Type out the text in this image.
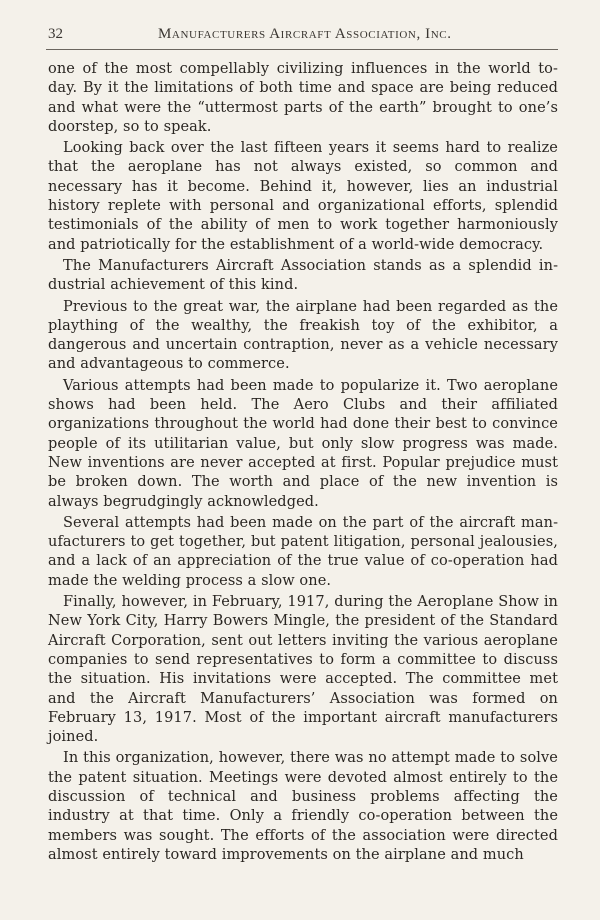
32	Manufacturers Aircraft Association, Inc.

one of the most compellably civilizing influences in the world to-day. By it the limitations of both time and space are being reduced and what were the “uttermost parts of the earth” brought to one’s doorstep, so to speak.

Looking back over the last fifteen years it seems hard to realize that the aeroplane has not always existed, so common and necessary has it become. Behind it, however, lies an industrial history replete with personal and organizational efforts, splendid testimonials of the ability of men to work together harmoniously and patriotically for the establishment of a world-wide democracy.

The Manufacturers Aircraft Association stands as a splendid industrial achievement of this kind.

Previous to the great war, the airplane had been regarded as the plaything of the wealthy, the freakish toy of the exhibitor, a dangerous and uncertain contraption, never as a vehicle necessary and advantageous to commerce.

Various attempts had been made to popularize it. Two aeroplane shows had been held. The Aero Clubs and their affiliated organizations throughout the world had done their best to convince people of its utilitarian value, but only slow progress was made. New inventions are never accepted at first. Popular prejudice must be broken down. The worth and place of the new invention is always begrudgingly acknowledged.

Several attempts had been made on the part of the aircraft manufacturers to get together, but patent litigation, personal jealousies, and a lack of an appreciation of the true value of co-operation had made the welding process a slow one.

Finally, however, in February, 1917, during the Aeroplane Show in New York City, Harry Bowers Mingle, the president of the Standard Aircraft Corporation, sent out letters inviting the various aeroplane companies to send representatives to form a committee to discuss the situation. His invitations were accepted. The committee met and the Aircraft Manufacturers’ Association was formed on February 13, 1917. Most of the important aircraft manufacturers joined.

In this organization, however, there was no attempt made to solve the patent situation. Meetings were devoted almost entirely to the discussion of technical and business problems affecting the industry at that time. Only a friendly co-operation between the members was sought. The efforts of the association were directed almost entirely toward improvements on the airplane and much
